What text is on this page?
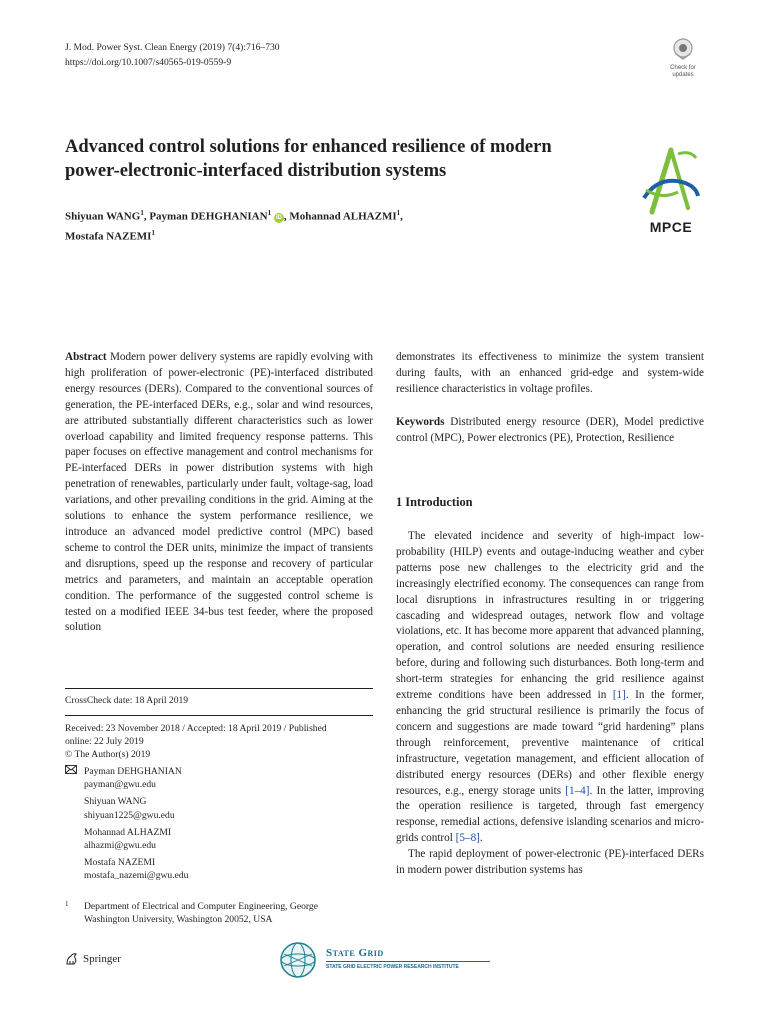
J. Mod. Power Syst. Clean Energy (2019) 7(4):716–730
https://doi.org/10.1007/s40565-019-0559-9	Check for
updates
Advanced control solutions for enhanced resilience of modern
power-electronic-interfaced distribution systems
Shiyuan WANG$^1$, Payman DEHGHANIAN$^1$ iD , Mohannad ALHAZMI$^1$,
Mostafa NAZEMI$^1$	MPCE

Abstract Modern power delivery systems are rapidly evolving with high proliferation of power-electronic (PE)-interfaced distributed energy resources (DERs). Compared to the conventional sources of generation, the PE-interfaced DERs, e.g., solar and wind resources, are attributed substantially different characteristics such as lower overload capability and limited frequency response patterns. This paper focuses on effective management and control mechanisms for PE-interfaced DERs in power distribution systems with high penetration of renewables, particularly under fault, voltage-sag, load variations, and other prevailing conditions in the grid. Aiming at the solutions to enhance the system performance resilience, we introduce an advanced model predictive control (MPC) based scheme to control the DER units, minimize the impact of transients and disruptions, speed up the response and recovery of particular metrics and parameters, and maintain an acceptable operation condition. The performance of the suggested control scheme is tested on a modified IEEE 34-bus test feeder, where the proposed solution

CrossCheck date: 18 April 2019
Received: 23 November 2018 / Accepted: 18 April 2019 / Published
online: 22 July 2019
© The Author(s) 2019
Payman DEHGHANIAN
payman@gwu.edu
Shiyuan WANG
shiyuan1225@gwu.edu
Mohannad ALHAZMI
alhazmi@gwu.edu
Mostafa NAZEMI
mostafa_nazemi@gwu.edu
1	Department of Electrical and Computer Engineering, George
Washington University, Washington 20052, USA
demonstrates its effectiveness to minimize the system transient during faults, with an enhanced grid-edge and system-wide resilience characteristics in voltage profiles.

Keywords Distributed energy resource (DER), Model predictive control (MPC), Power electronics (PE), Protection, Resilience

1 Introduction

The elevated incidence and severity of high-impact low-probability (HILP) events and outage-inducing weather and cyber patterns pose new challenges to the electricity grid and the increasingly electrified economy. The consequences can range from local disruptions in infrastructures resulting in or triggering cascading and widespread outages, network flow and voltage violations, etc. It has become more apparent that advanced planning, operation, and control solutions are needed ensuring resilience before, during and following such disturbances. Both long-term and short-term strategies for enhancing the grid resilience against extreme conditions have been addressed in [1]. In the former, enhancing the grid structural resilience is primarily the focus of concern and suggestions are made toward “grid hardening” plans through reinforcement, preventive maintenance of critical infrastructure, vegetation management, and efficient allocation of distributed energy resources (DERs) and other flexible energy resources, e.g., energy storage units [1–4]. In the latter, improving the operation resilience is targeted, through fast emergency response, remedial actions, defensive islanding scenarios and micro-grids control [5–8].

The rapid deployment of power-electronic (PE)-interfaced DERs in modern power distribution systems has

Springer	State Grid
STATE GRID ELECTRIC POWER RESEARCH INSTITUTE
